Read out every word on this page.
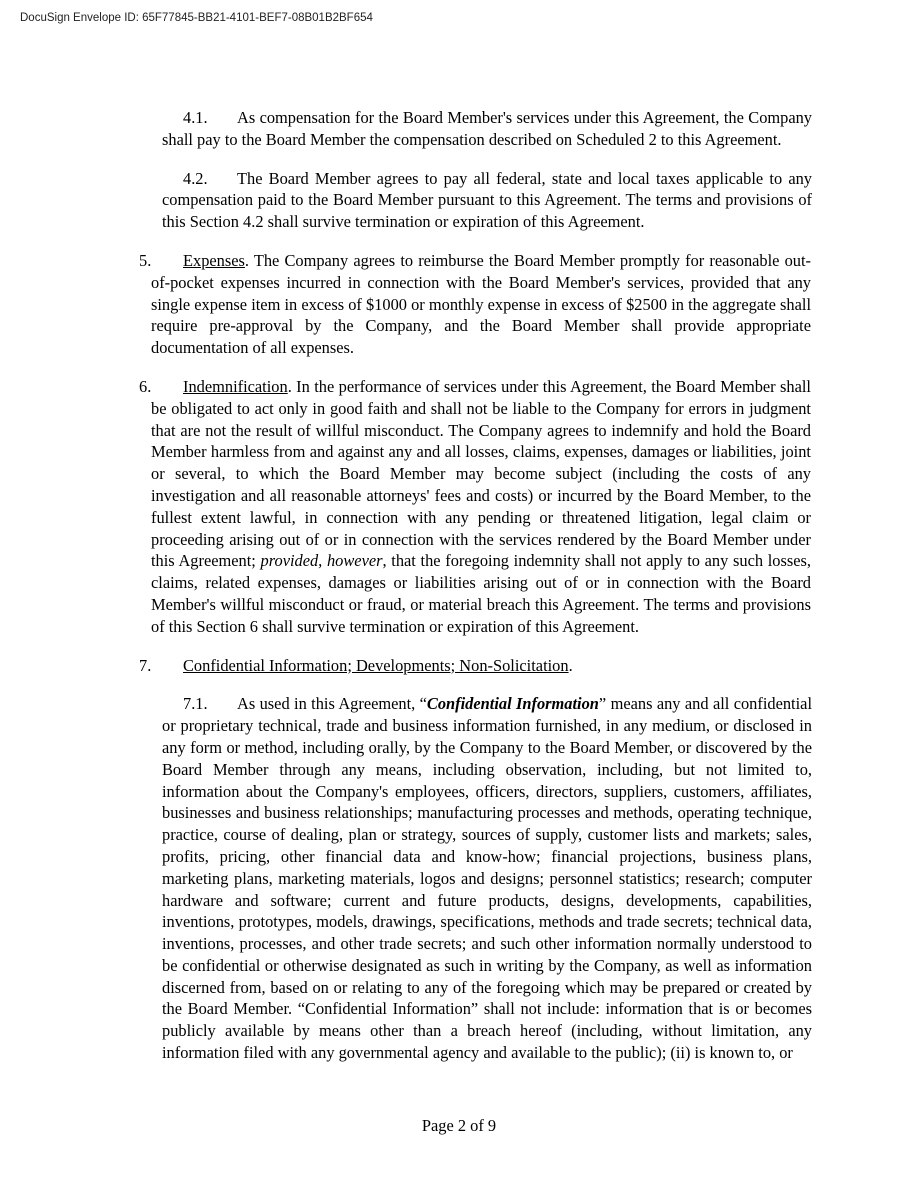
DocuSign Envelope ID: 65F77845-BB21-4101-BEF7-08B01B2BF654

4.1. As compensation for the Board Member's services under this Agreement, the Company shall pay to the Board Member the compensation described on Scheduled 2 to this Agreement.

4.2. The Board Member agrees to pay all federal, state and local taxes applicable to any compensation paid to the Board Member pursuant to this Agreement. The terms and provisions of this Section 4.2 shall survive termination or expiration of this Agreement.

5. Expenses. The Company agrees to reimburse the Board Member promptly for reasonable out-of-pocket expenses incurred in connection with the Board Member's services, provided that any single expense item in excess of $1000 or monthly expense in excess of $2500 in the aggregate shall require pre-approval by the Company, and the Board Member shall provide appropriate documentation of all expenses.

6. Indemnification. In the performance of services under this Agreement, the Board Member shall be obligated to act only in good faith and shall not be liable to the Company for errors in judgment that are not the result of willful misconduct. The Company agrees to indemnify and hold the Board Member harmless from and against any and all losses, claims, expenses, damages or liabilities, joint or several, to which the Board Member may become subject (including the costs of any investigation and all reasonable attorneys' fees and costs) or incurred by the Board Member, to the fullest extent lawful, in connection with any pending or threatened litigation, legal claim or proceeding arising out of or in connection with the services rendered by the Board Member under this Agreement; provided, however, that the foregoing indemnity shall not apply to any such losses, claims, related expenses, damages or liabilities arising out of or in connection with the Board Member's willful misconduct or fraud, or material breach this Agreement. The terms and provisions of this Section 6 shall survive termination or expiration of this Agreement.

7. Confidential Information; Developments; Non-Solicitation.

7.1. As used in this Agreement, “Confidential Information” means any and all confidential or proprietary technical, trade and business information furnished, in any medium, or disclosed in any form or method, including orally, by the Company to the Board Member, or discovered by the Board Member through any means, including observation, including, but not limited to, information about the Company's employees, officers, directors, suppliers, customers, affiliates, businesses and business relationships; manufacturing processes and methods, operating technique, practice, course of dealing, plan or strategy, sources of supply, customer lists and markets; sales, profits, pricing, other financial data and know-how; financial projections, business plans, marketing plans, marketing materials, logos and designs; personnel statistics; research; computer hardware and software; current and future products, designs, developments, capabilities, inventions, prototypes, models, drawings, specifications, methods and trade secrets; technical data, inventions, processes, and other trade secrets; and such other information normally understood to be confidential or otherwise designated as such in writing by the Company, as well as information discerned from, based on or relating to any of the foregoing which may be prepared or created by the Board Member. “Confidential Information” shall not include: information that is or becomes publicly available by means other than a breach hereof (including, without limitation, any information filed with any governmental agency and available to the public); (ii) is known to, or

Page 2 of 9
